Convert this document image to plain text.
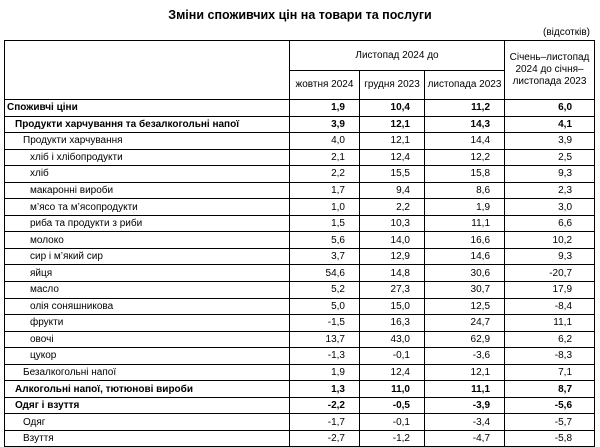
Зміни споживчих цін на товари та послуги
(відсотків)
	Листопад 2024 до			Січень–листопад 2024 до січня–листопада 2023
	жовтня 2024	грудня 2023	листопада 2023	
Споживчі ціни	1,9	10,4	11,2	6,0
Продукти харчування та безалкогольні напої	3,9	12,1	14,3	4,1
Продукти харчування	4,0	12,1	14,4	3,9
хліб і хлібопродукти	2,1	12,4	12,2	2,5
хліб	2,2	15,5	15,8	9,3
макаронні вироби	1,7	9,4	8,6	2,3
м’ясо та м’ясопродукти	1,0	2,2	1,9	3,0
риба та продукти з риби	1,5	10,3	11,1	6,6
молоко	5,6	14,0	16,6	10,2
сир і м’який сир	3,7	12,9	14,6	9,3
яйця	54,6	14,8	30,6	-20,7
масло	5,2	27,3	30,7	17,9
олія соняшникова	5,0	15,0	12,5	-8,4
фрукти	-1,5	16,3	24,7	11,1
овочі	13,7	43,0	62,9	6,2
цукор	-1,3	-0,1	-3,6	-8,3
Безалкогольні напої	1,9	12,4	12,1	7,1
Алкогольні напої, тютюнові вироби	1,3	11,0	11,1	8,7
Одяг і взуття	-2,2	-0,5	-3,9	-5,6
Одяг	-1,7	-0,1	-3,4	-5,7
Взуття	-2,7	-1,2	-4,7	-5,8
